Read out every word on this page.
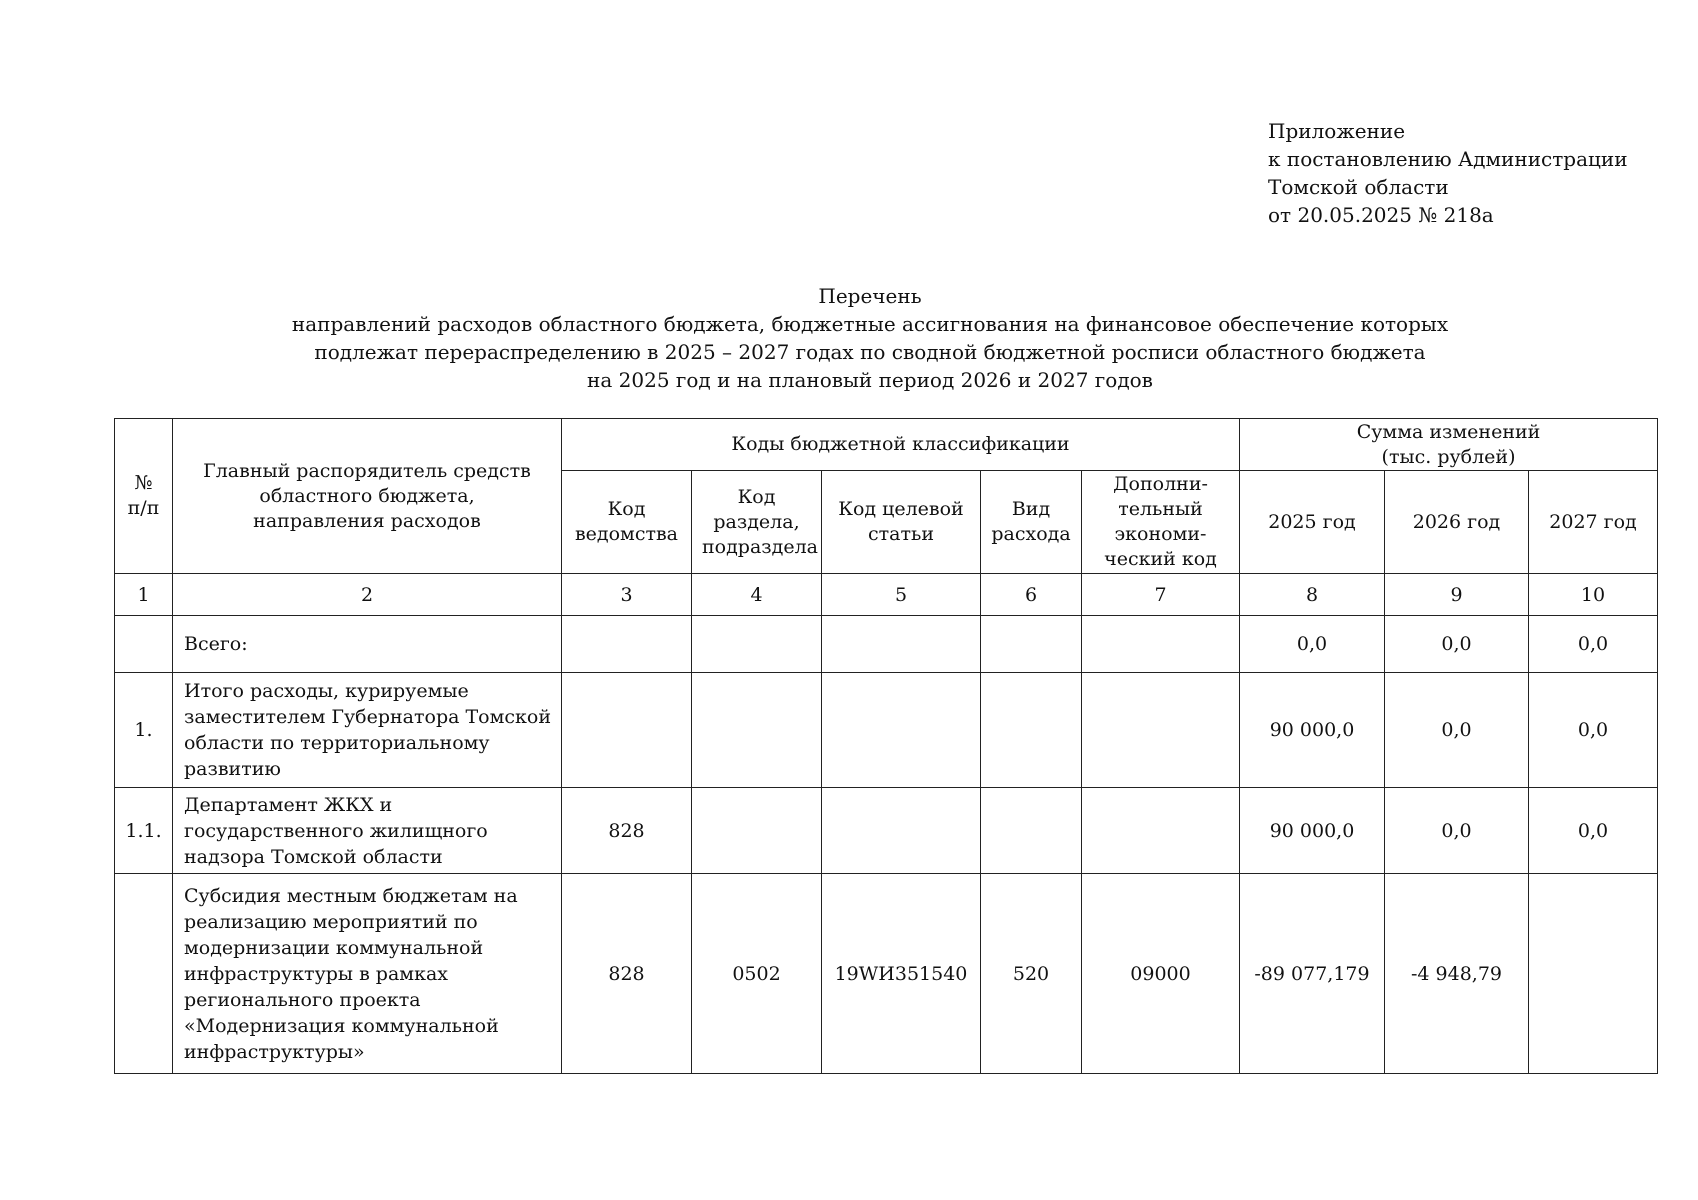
Приложение
к постановлению Администрации
Томской области
от 20.05.2025 № 218а
Перечень
направлений расходов областного бюджета, бюджетные ассигнования на финансовое обеспечение которых
подлежат перераспределению в 2025 – 2027 годах по сводной бюджетной росписи областного бюджета
на 2025 год и на плановый период 2026 и 2027 годов
№ п/п	Главный распорядитель средств областного бюджета, направления расходов	Коды бюджетной классификации					Сумма изменений (тыс. рублей)		
		Код ведомства	Код раздела, подраздела	Код целевой статьи	Вид расхода	Дополни-тельный экономи-ческий код	2025 год	2026 год	2027 год
1	2	3	4	5	6	7	8	9	10
	Всего:						0,0	0,0	0,0
1.	Итого расходы, курируемые заместителем Губернатора Томской области по территориальному развитию						90 000,0	0,0	0,0
1.1.	Департамент ЖКХ и государственного жилищного надзора Томской области	828					90 000,0	0,0	0,0
	Субсидия местным бюджетам на реализацию мероприятий по модернизации коммунальной инфраструктуры в рамках регионального проекта «Модернизация коммунальной инфраструктуры»	828	0502	19WИ351540	520	09000	-89 077,179	-4 948,79	
